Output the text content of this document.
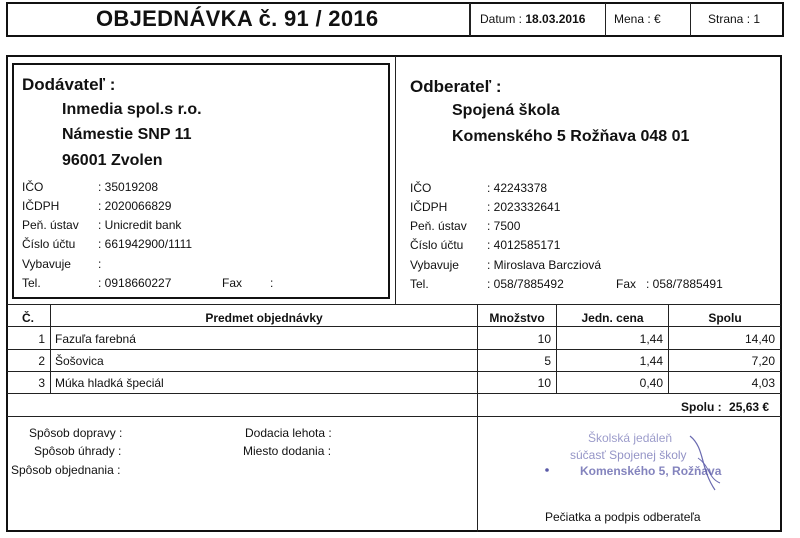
OBJEDNÁVKA č. 91 / 2016	Datum : 18.03.2016 Mena : €	Strana : 1
Dodávateľ :
Inmedia spol.s r.o.
Námestie SNP 11
96001 Zvolen
IČO	: 35019208
IČDPH	: 2020066829
Peň. ústav : Unicredit bank
Číslo účtu : 661942900/1111
Vybavuje :
Tel.	: 0918660227	Fax :
Odberateľ :
Spojená škola
Komenského 5 Rožňava 048 01
IČO	: 42243378
IČDPH	: 2023332641
Peň. ústav : 7500
Číslo účtu : 4012585171
Vybavuje : Miroslava Barcziová
Tel.	: 058/7885492	Fax : 058/7885491
Č.	Predmet objednávky	Množstvo	Jedn. cena	Spolu
1 Fazuľa farebná	10	1,44	14,40
2 Šošovica	5	1,44	7,20
3 Múka hladká špeciál	10	0,40	4,03
Spolu : 25,63 €
Spôsob dopravy :
Spôsob úhrady :
Spôsob objednania :
Dodacia lehota :
Miesto dodania :
Školská jedáleň
súčasť Spojenej školy
Komenského 5, Rožňava
Pečiatka a podpis odberateľa
